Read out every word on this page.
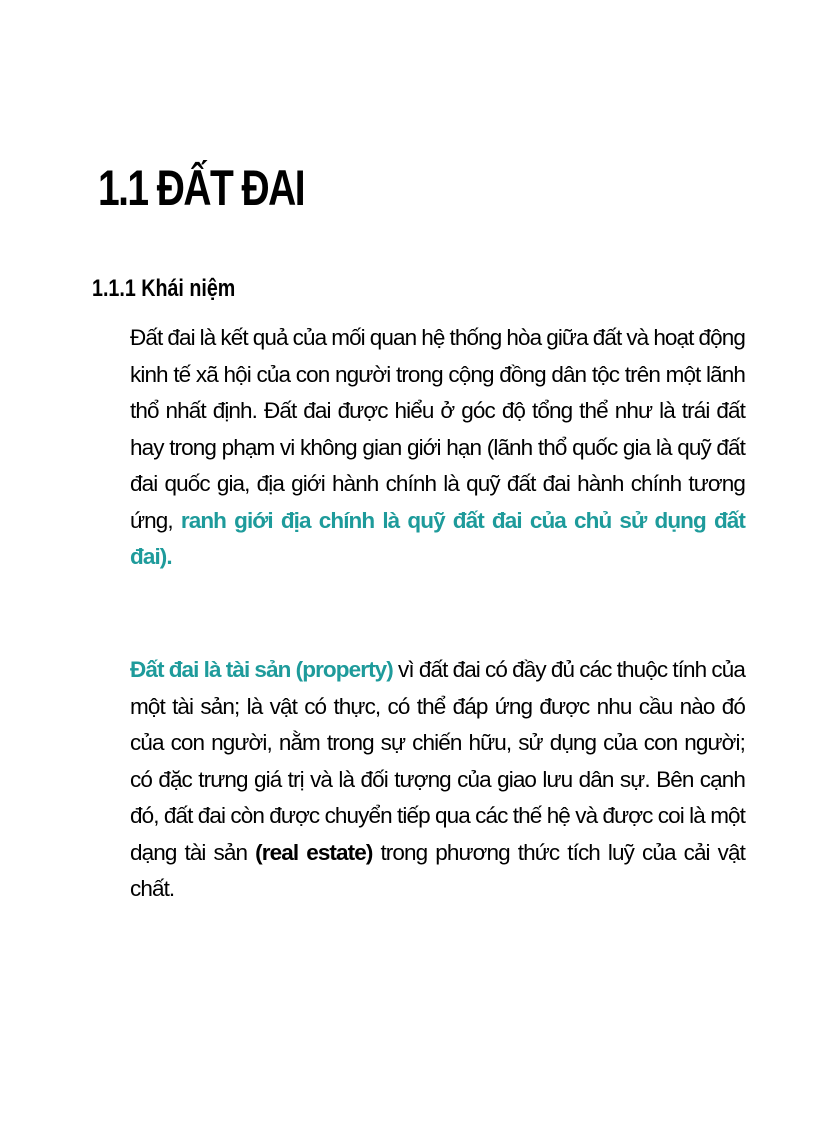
1.1 ĐẤT ĐAI
1.1.1 Khái niệm

Đất đai là kết quả của mối quan hệ thống hòa giữa đất và hoạt động kinh tế xã hội của con người trong cộng đồng dân tộc trên một lãnh thổ nhất định. Đất đai được hiểu ở góc độ tổng thể như là trái đất hay trong phạm vi không gian giới hạn (lãnh thổ quốc gia là quỹ đất đai quốc gia, địa giới hành chính là quỹ đất đai hành chính tương ứng, ranh giới địa chính là quỹ đất đai của chủ sử dụng đất đai).

Đất đai là tài sản (property) vì đất đai có đầy đủ các thuộc tính của một tài sản; là vật có thực, có thể đáp ứng được nhu cầu nào đó của con người, nằm trong sự chiến hữu, sử dụng của con người; có đặc trưng giá trị và là đối tượng của giao lưu dân sự. Bên cạnh đó, đất đai còn được chuyển tiếp qua các thế hệ và được coi là một dạng tài sản (real estate) trong phương thức tích luỹ của cải vật chất.
